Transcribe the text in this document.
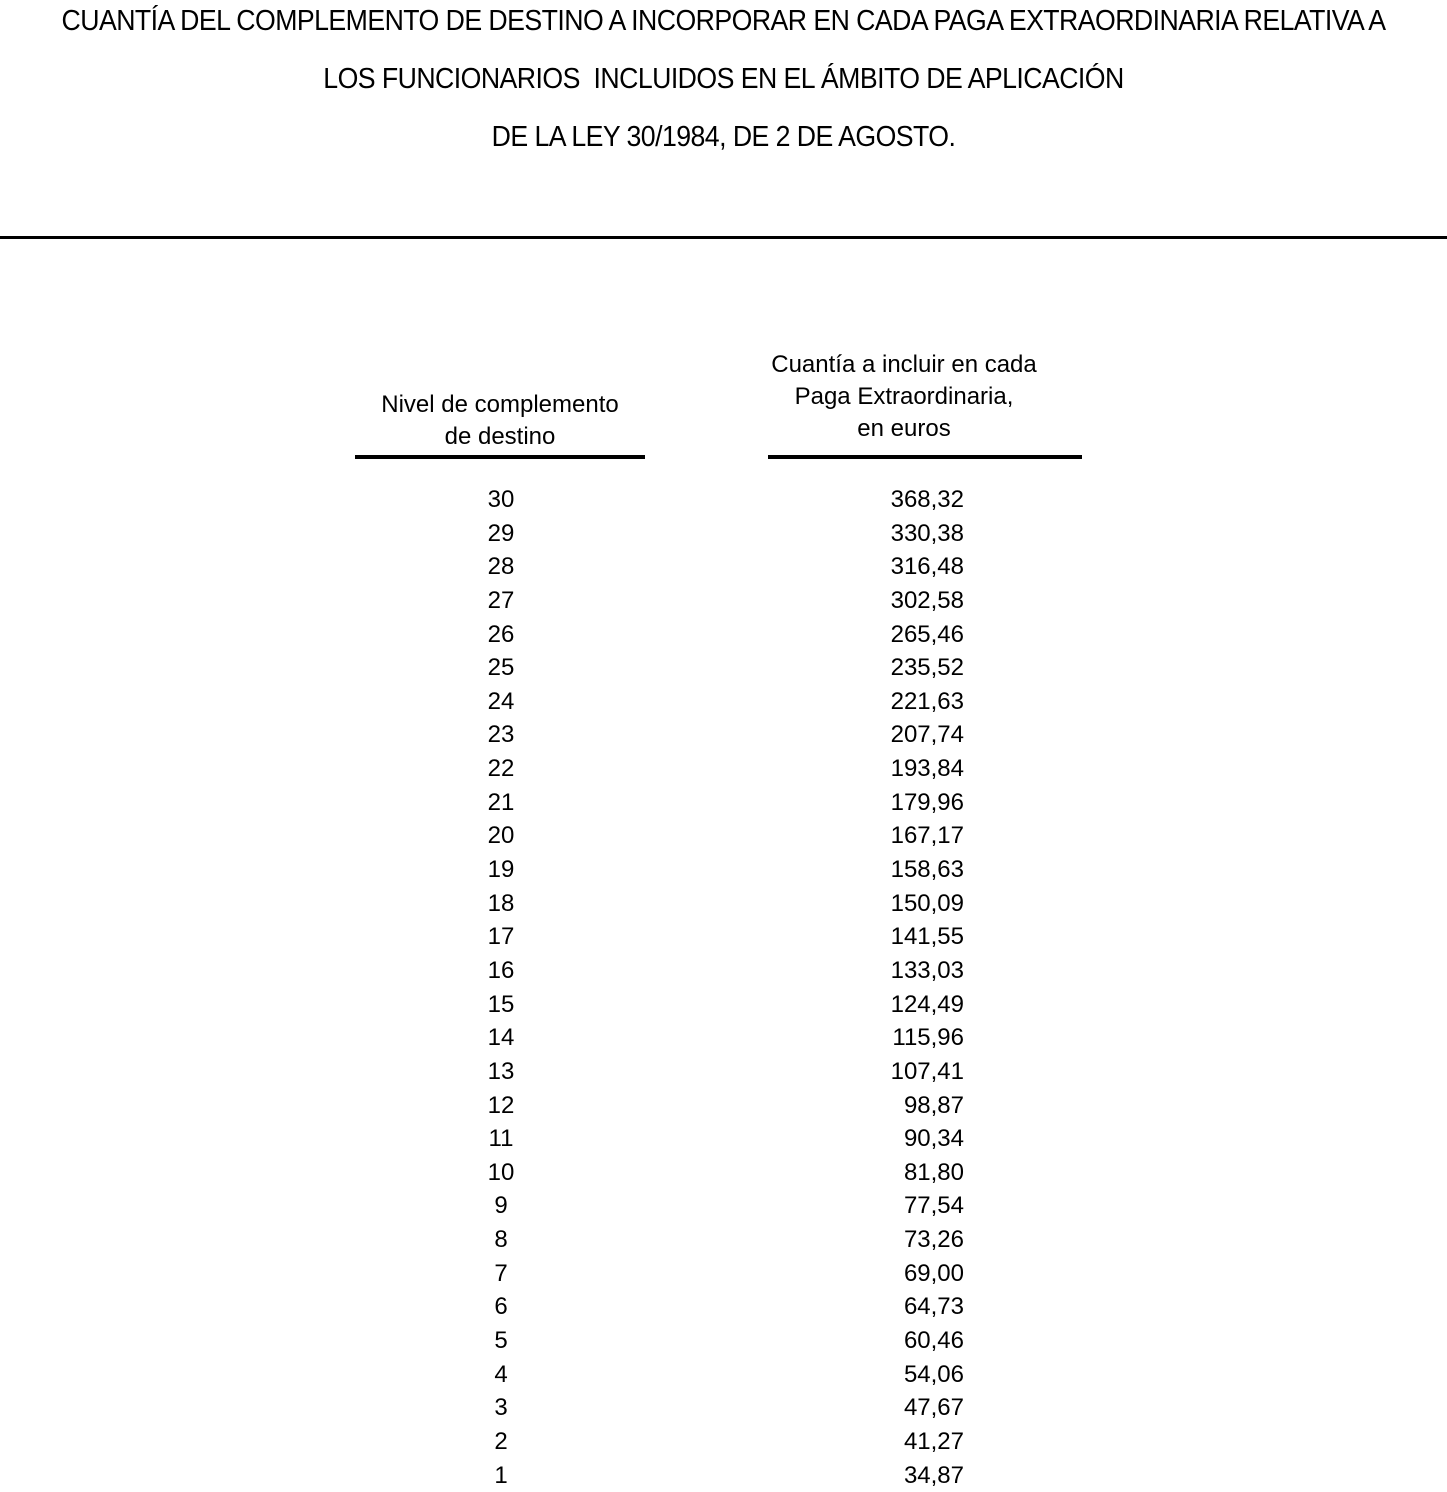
CUANTÍA DEL COMPLEMENTO DE DESTINO A INCORPORAR EN CADA PAGA EXTRAORDINARIA RELATIVA A
LOS FUNCIONARIOS  INCLUIDOS EN EL ÁMBITO DE APLICACIÓN
DE LA LEY 30/1984, DE 2 DE AGOSTO.
Nivel de complemento
de destino
Cuantía a incluir en cada
Paga Extraordinaria,
en euros
30	368,32
29	330,38
28	316,48
27	302,58
26	265,46
25	235,52
24	221,63
23	207,74
22	193,84
21	179,96
20	167,17
19	158,63
18	150,09
17	141,55
16	133,03
15	124,49
14	115,96
13	107,41
12	98,87
11	90,34
10	81,80
9	77,54
8	73,26
7	69,00
6	64,73
5	60,46
4	54,06
3	47,67
2	41,27
1	34,87
